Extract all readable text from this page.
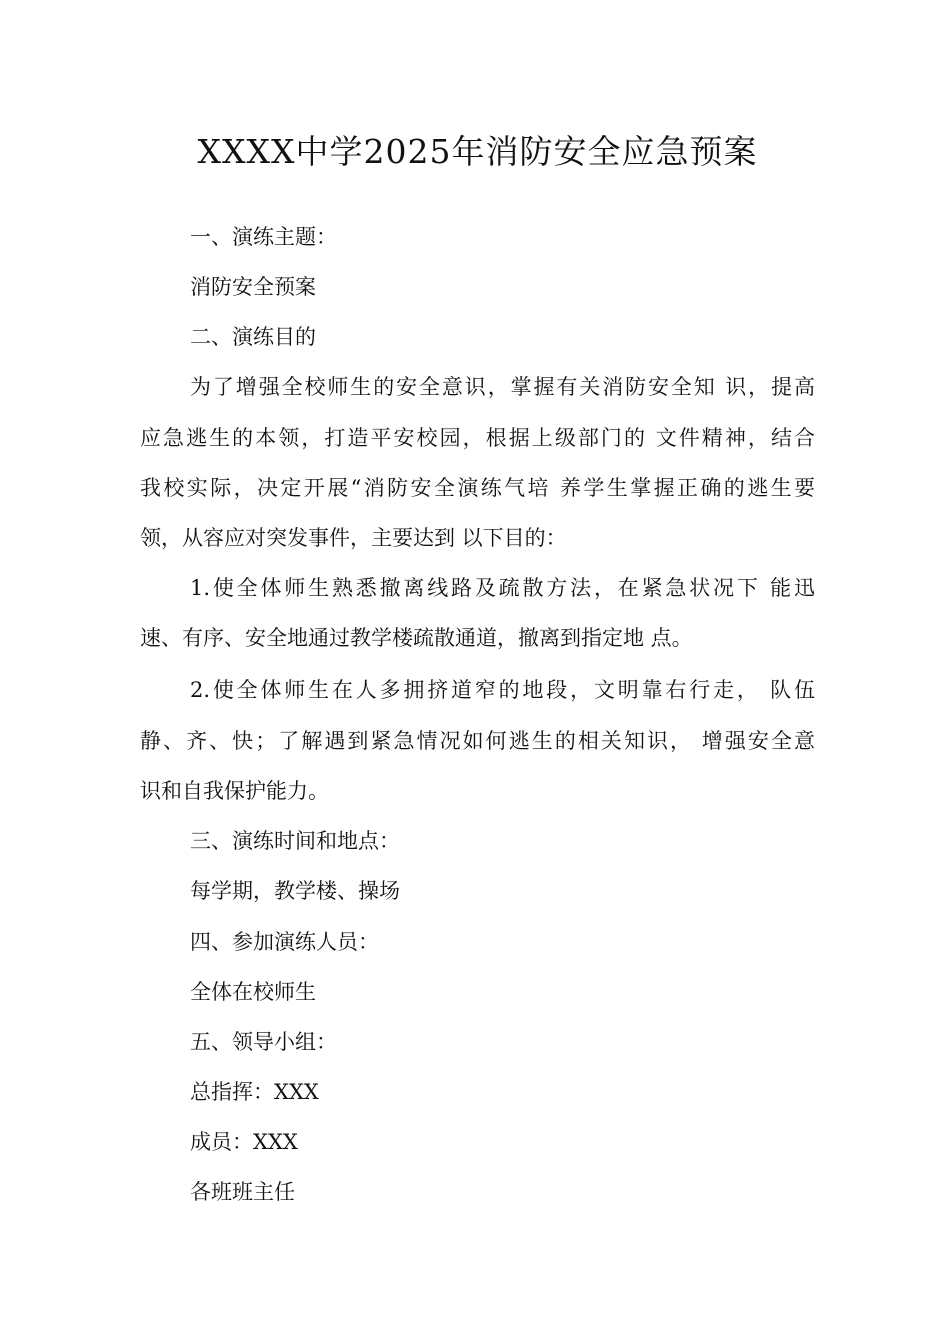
XXXX中学2025年消防安全应急预案

一、演练主题：

消防安全预案

二、演练目的

为了增强全校师生的安全意识，掌握有关消防安全知 识，提高

应急逃生的本领，打造平安校园，根据上级部门的 文件精神，结合

我校实际，决定开展“消防安全演练气培 养学生掌握正确的逃生要

领，从容应对突发事件，主要达到 以下目的：

1.使全体师生熟悉撤离线路及疏散方法，在紧急状况下 能迅

速、有序、安全地通过教学楼疏散通道，撤离到指定地 点。

2.使全体师生在人多拥挤道窄的地段，文明靠右行走， 队伍

静、齐、快；了解遇到紧急情况如何逃生的相关知识， 增强安全意

识和自我保护能力。

三、演练时间和地点：

每学期，教学楼、操场

四、参加演练人员：

全体在校师生

五、领导小组：

总指挥：XXX

成员：XXX

各班班主任
